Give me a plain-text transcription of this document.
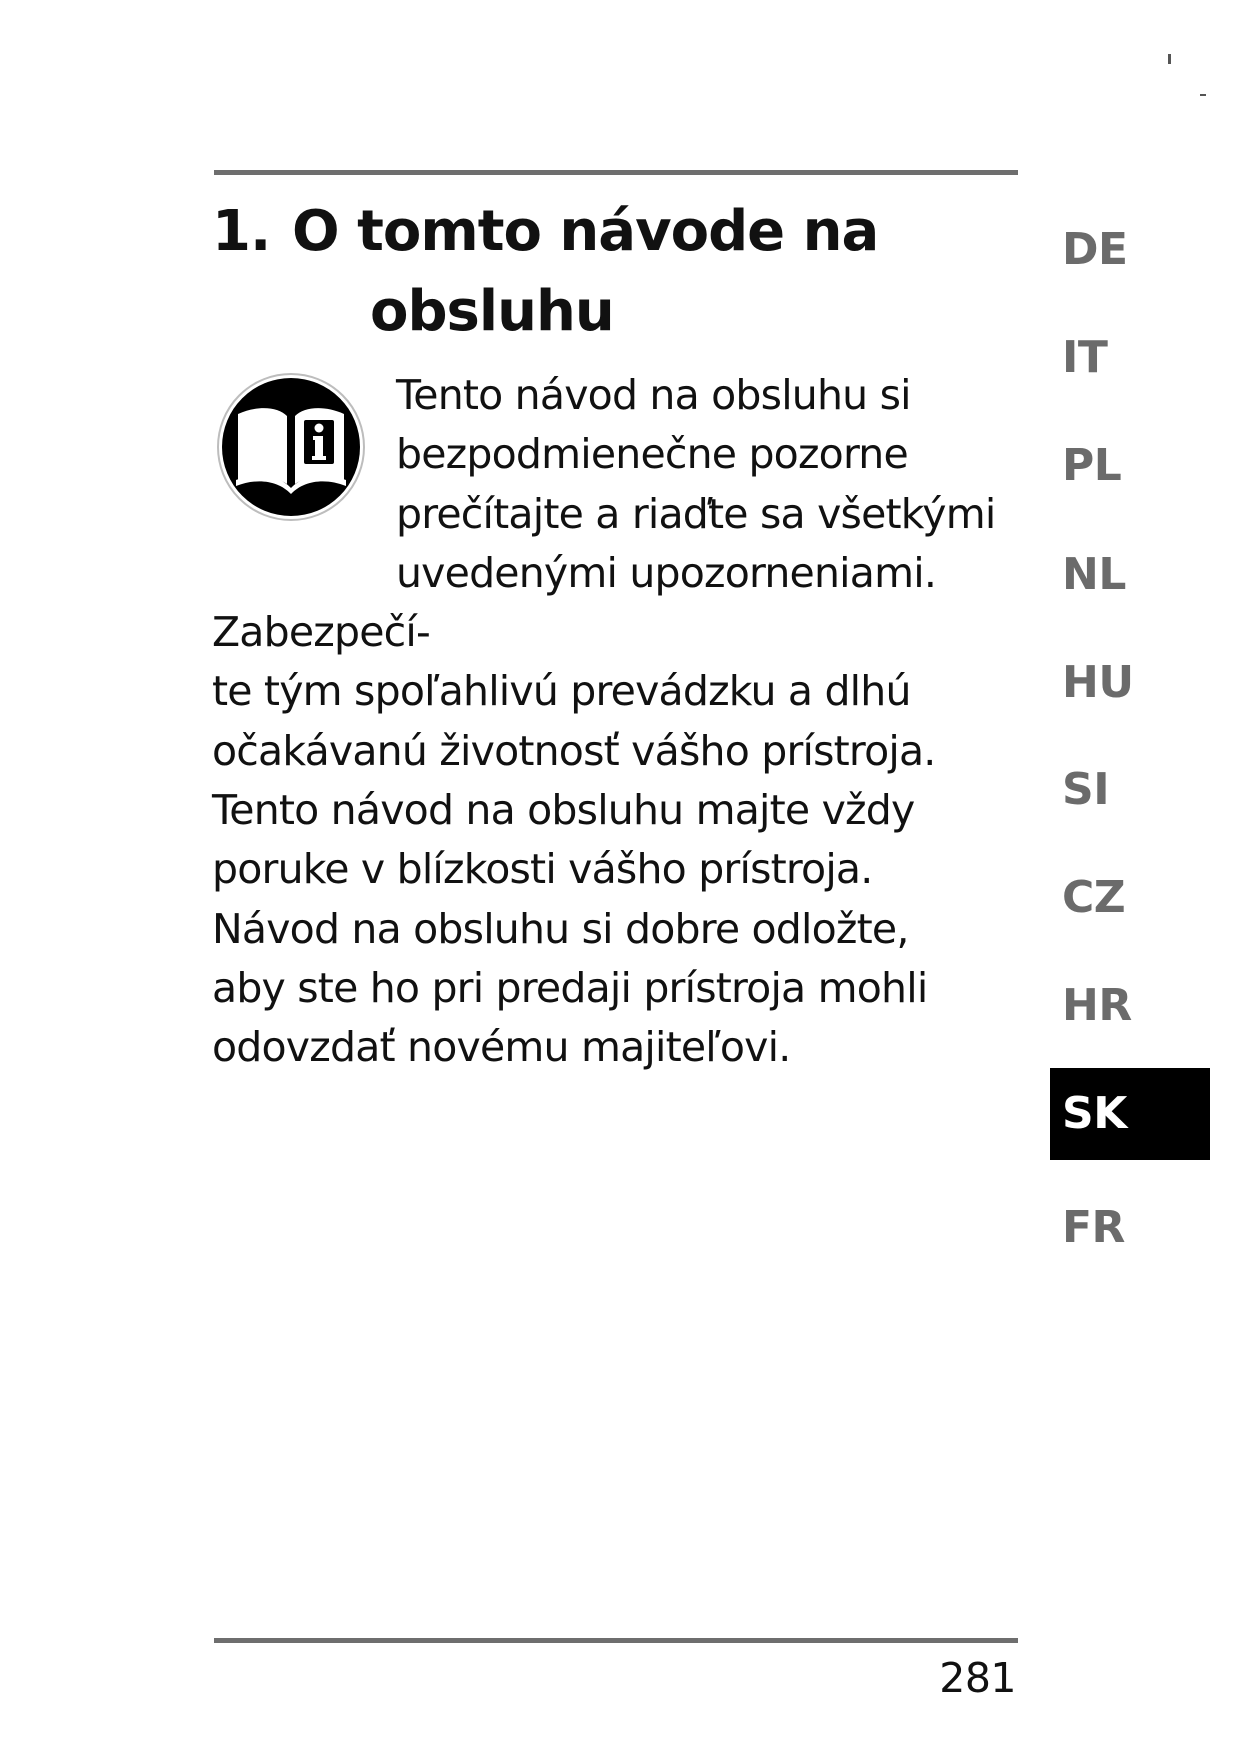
1. O tomto návode na
obsluhu

Tento návod na obsluhu si
bezpodmienečne pozorne
prečítajte a riaďte sa všetkými
uvedenými upozorneniami. Zabezpečí-
te tým spoľahlivú prevádzku a dlhú
očakávanú životnosť vášho prístroja.
Tento návod na obsluhu majte vždy
poruke v blízkosti vášho prístroja.
Návod na obsluhu si dobre odložte,
aby ste ho pri predaji prístroja mohli
odovzdať novému majiteľovi.

DE
IT
PL
NL
HU
SI
CZ
HR
SK
FR
281
